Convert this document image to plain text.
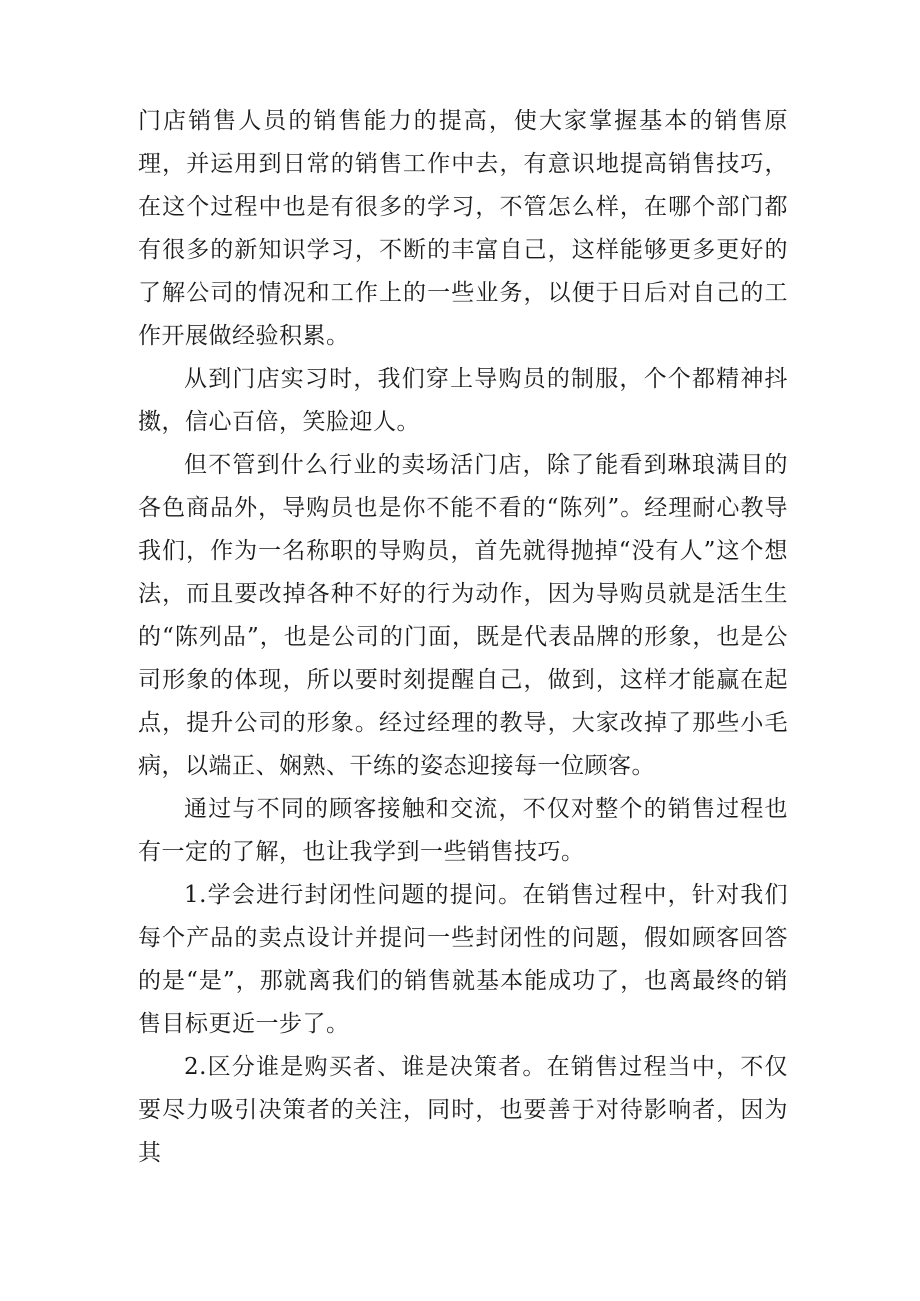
门店销售人员的销售能力的提高，使大家掌握基本的销售原理，并运用到日常的销售工作中去，有意识地提高销售技巧，在这个过程中也是有很多的学习，不管怎么样，在哪个部门都有很多的新知识学习，不断的丰富自己，这样能够更多更好的了解公司的情况和工作上的一些业务，以便于日后对自己的工作开展做经验积累。

从到门店实习时，我们穿上导购员的制服，个个都精神抖擞，信心百倍，笑脸迎人。

但不管到什么行业的卖场活门店，除了能看到琳琅满目的各色商品外，导购员也是你不能不看的“陈列”。经理耐心教导我们，作为一名称职的导购员，首先就得抛掉“没有人”这个想法，而且要改掉各种不好的行为动作，因为导购员就是活生生的“陈列品”，也是公司的门面，既是代表品牌的形象，也是公司形象的体现，所以要时刻提醒自己，做到，这样才能赢在起点，提升公司的形象。经过经理的教导，大家改掉了那些小毛病，以端正、娴熟、干练的姿态迎接每一位顾客。

通过与不同的顾客接触和交流，不仅对整个的销售过程也有一定的了解，也让我学到一些销售技巧。

1.学会进行封闭性问题的提问。在销售过程中，针对我们每个产品的卖点设计并提问一些封闭性的问题，假如顾客回答的是“是”，那就离我们的销售就基本能成功了，也离最终的销售目标更近一步了。

2.区分谁是购买者、谁是决策者。在销售过程当中，不仅要尽力吸引决策者的关注，同时，也要善于对待影响者，因为其
